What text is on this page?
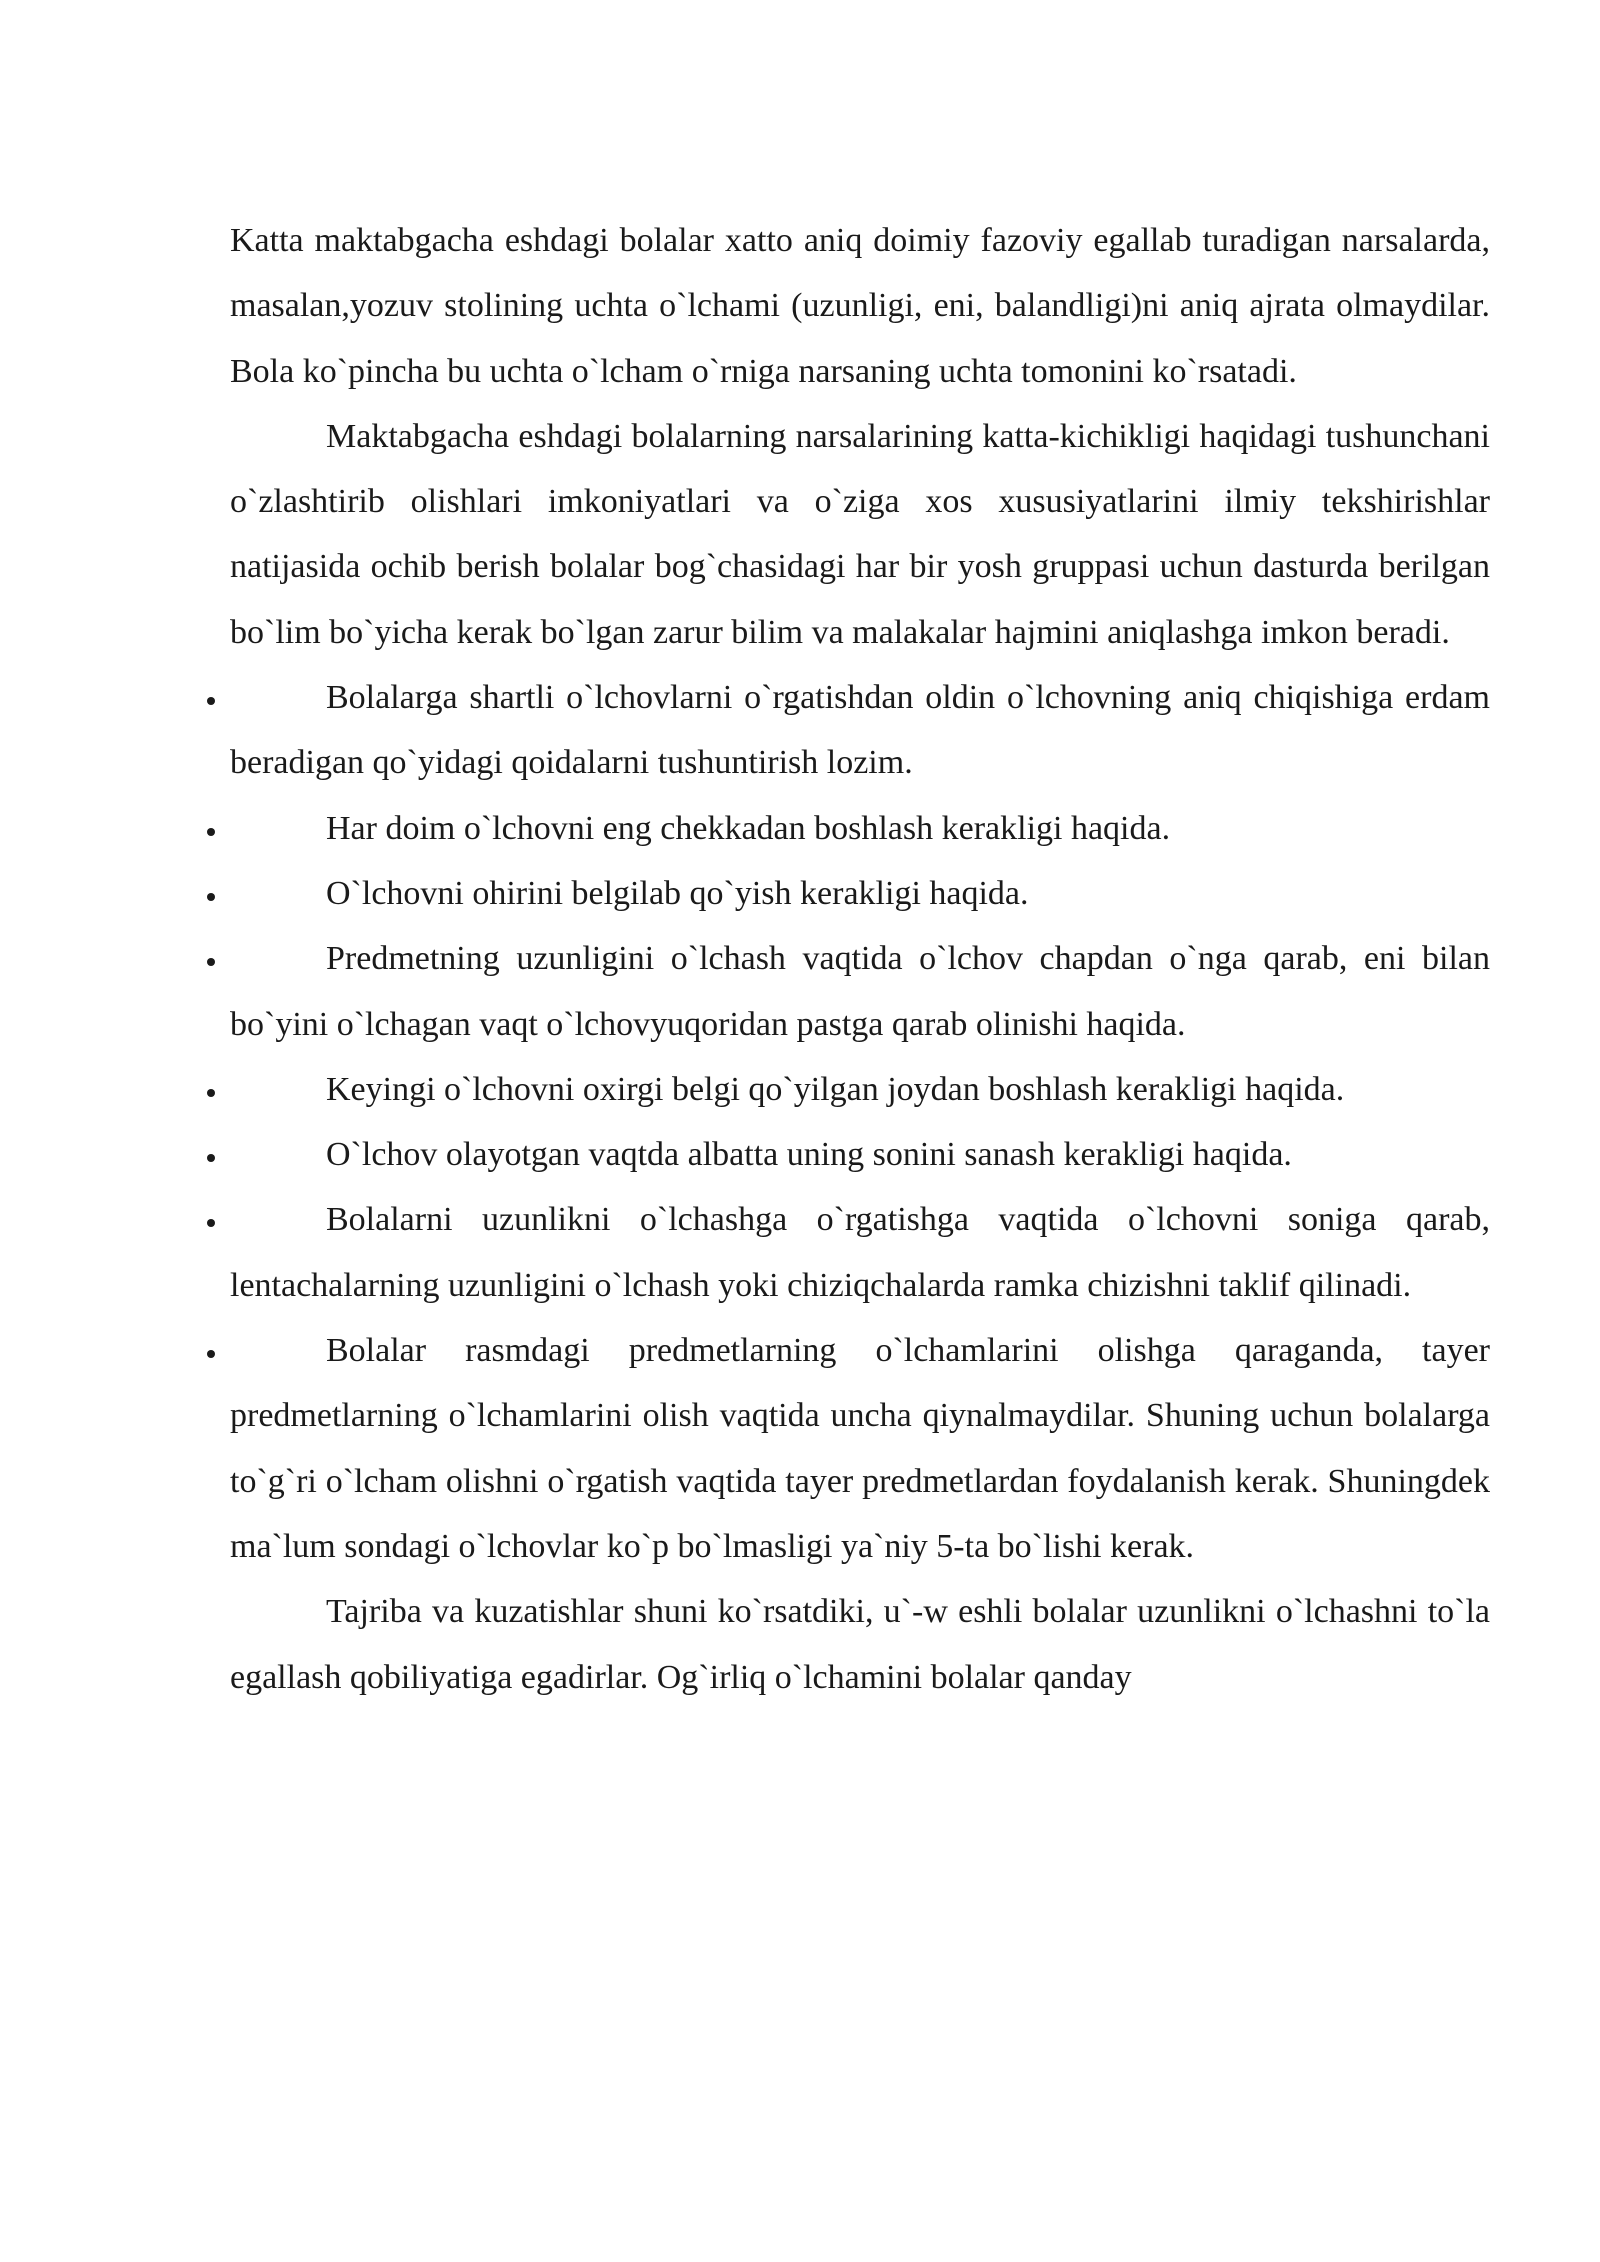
Katta maktabgacha eshdagi bolalar xatto aniq doimiy fazoviy egallab turadigan narsalarda, masalan,yozuv stolining uchta o`lchami (uzunligi, eni, balandligi)ni aniq ajrata olmaydilar. Bola ko`pincha bu uchta o`lcham o`rniga narsaning uchta tomonini ko`rsatadi.

Maktabgacha eshdagi bolalarning narsalarining katta-kichikligi haqidagi tushunchani o`zlashtirib olishlari imkoniyatlari va o`ziga xos xususiyatlarini ilmiy tekshirishlar natijasida ochib berish bolalar bog`chasidagi har bir yosh gruppasi uchun dasturda berilgan bo`lim bo`yicha kerak bo`lgan zarur bilim va malakalar hajmini aniqlashga imkon beradi.

Bolalarga shartli o`lchovlarni o`rgatishdan oldin o`lchovning aniq chiqishiga erdam beradigan qo`yidagi qoidalarni tushuntirish lozim.

Har doim o`lchovni eng chekkadan boshlash kerakligi haqida.

O`lchovni ohirini belgilab qo`yish kerakligi haqida.

Predmetning uzunligini o`lchash vaqtida o`lchov chapdan o`nga qarab, eni bilan bo`yini o`lchagan vaqt o`lchovyuqoridan pastga qarab olinishi haqida.

Keyingi o`lchovni oxirgi belgi qo`yilgan joydan boshlash kerakligi haqida.

O`lchov olayotgan vaqtda albatta uning sonini sanash kerakligi haqida.

Bolalarni uzunlikni o`lchashga o`rgatishga vaqtida o`lchovni soniga qarab, lentachalarning uzunligini o`lchash yoki chiziqchalarda ramka chizishni taklif qilinadi.

Bolalar rasmdagi predmetlarning o`lchamlarini olishga qaraganda, tayer predmetlarning o`lchamlarini olish vaqtida uncha qiynalmaydilar. Shuning uchun bolalarga to`g`ri o`lcham olishni o`rgatish vaqtida tayer predmetlardan foydalanish kerak. Shuningdek ma`lum sondagi o`lchovlar ko`p bo`lmasligi ya`niy 5-ta bo`lishi kerak.

Tajriba va kuzatishlar shuni ko`rsatdiki, u`-w eshli bolalar uzunlikni o`lchashni to`la egallash qobiliyatiga egadirlar. Og`irliq o`lchamini bolalar qanday
